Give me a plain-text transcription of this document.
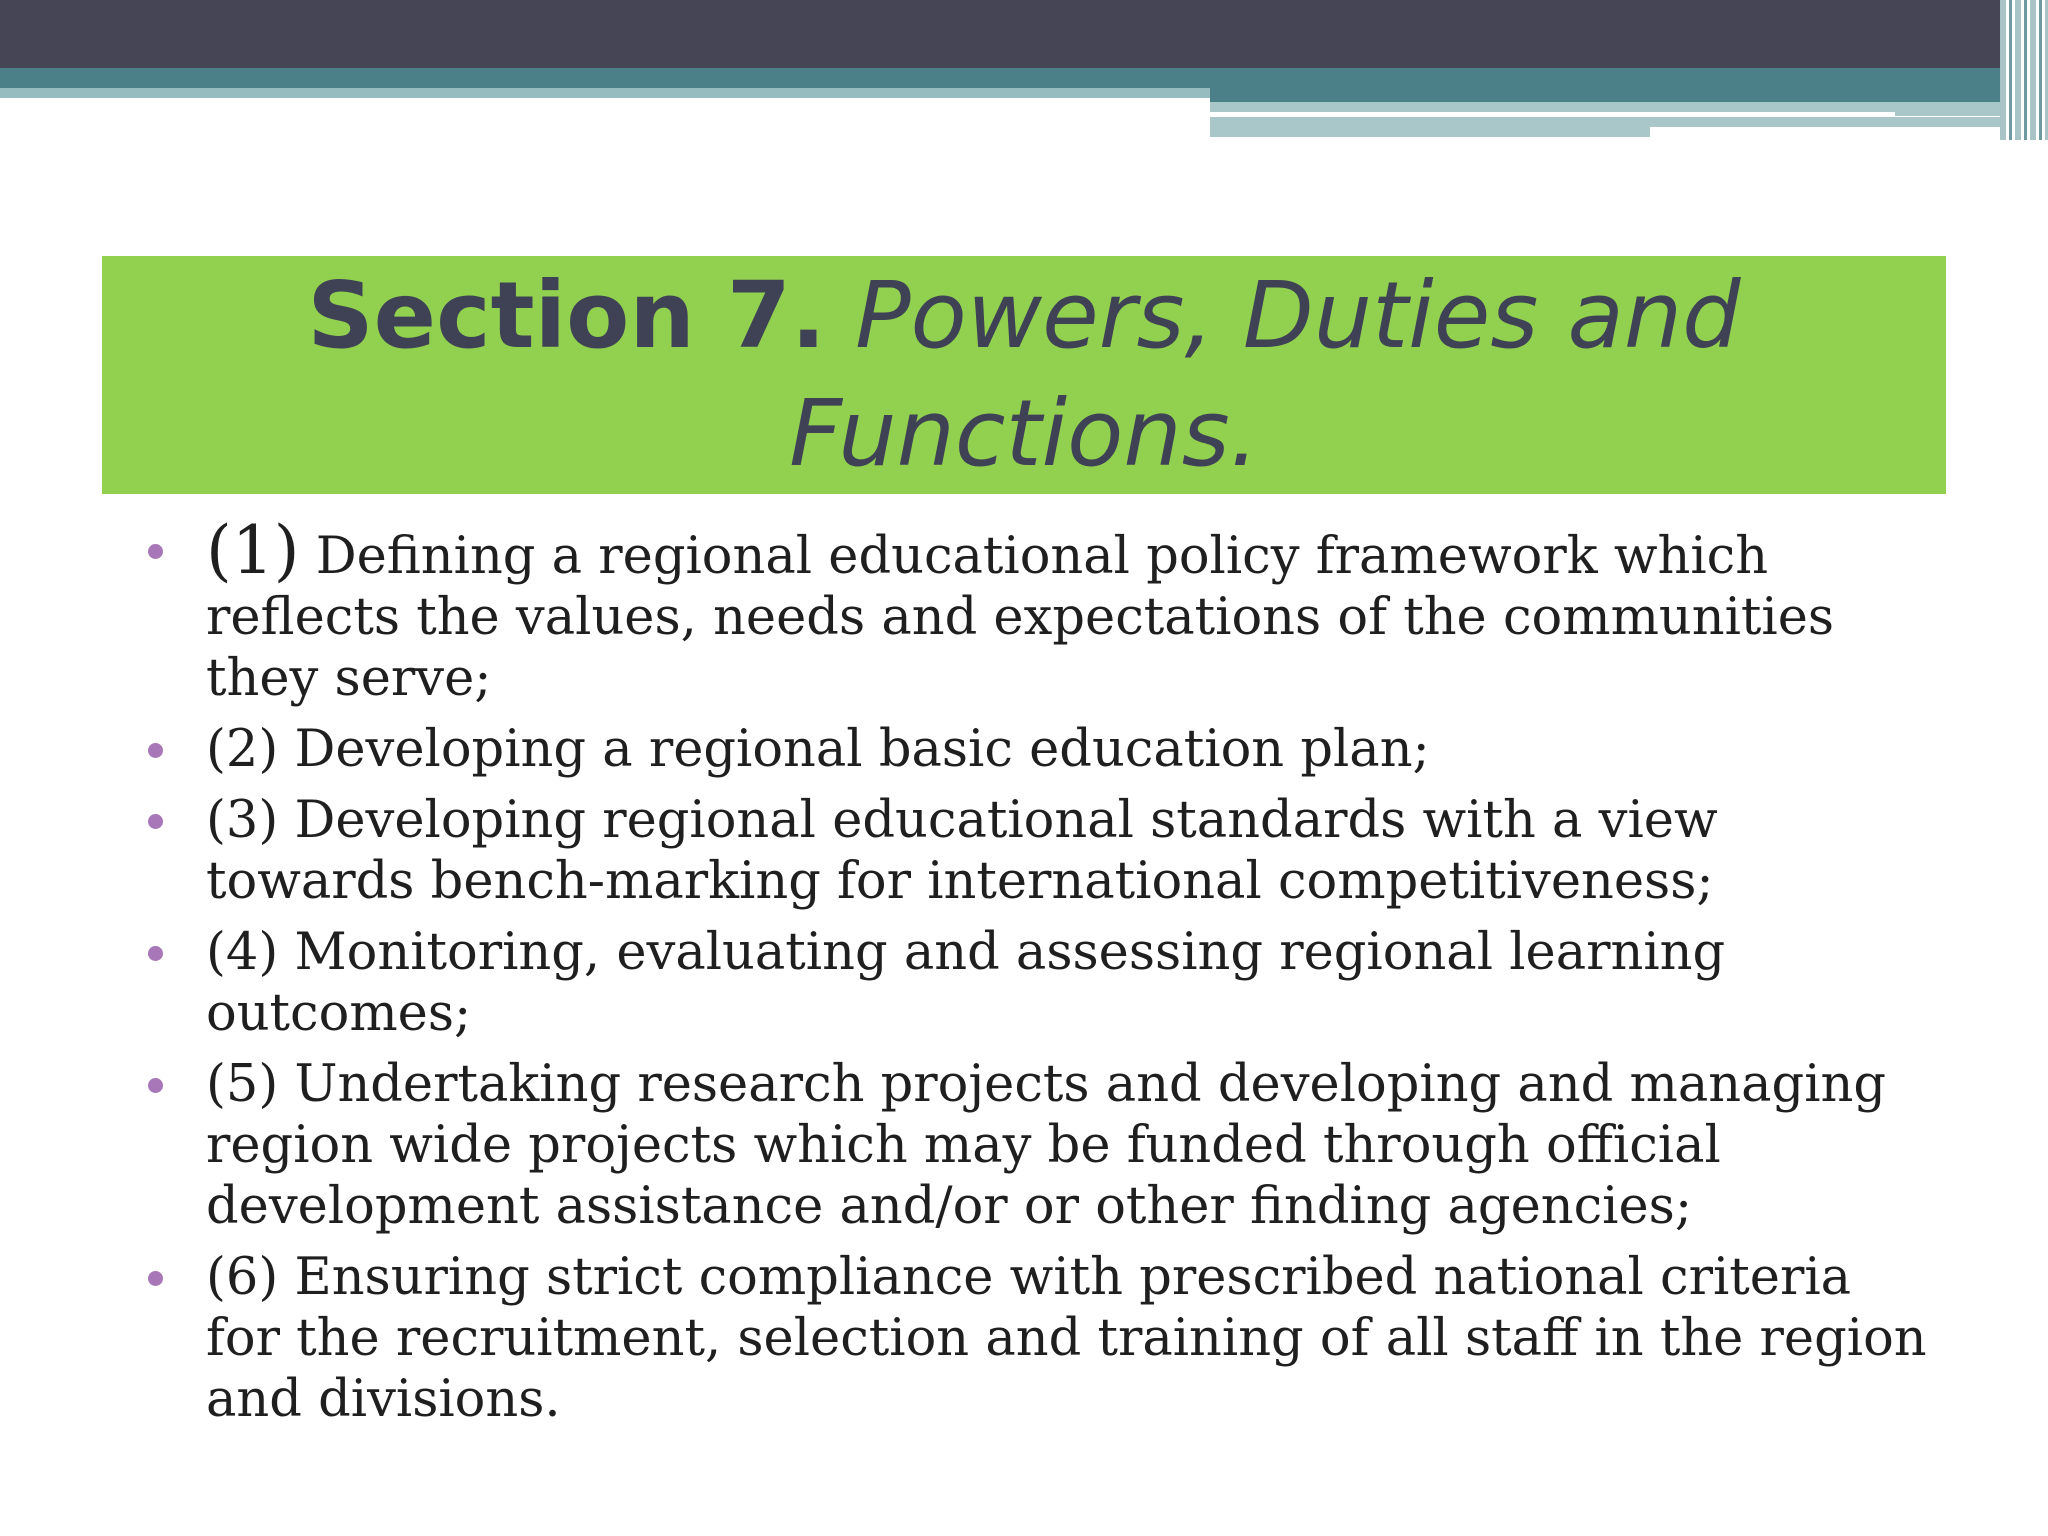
Section 7. Powers, Duties and Functions.
(1) Defining a regional educational policy framework which reflects the values, needs and expectations of the communities they serve;
(2) Developing a regional basic education plan;
(3) Developing regional educational standards with a view towards bench-marking for international competitiveness;
(4) Monitoring, evaluating and assessing regional learning outcomes;
(5) Undertaking research projects and developing and managing region wide projects which may be funded through official development assistance and/or or other finding agencies;
(6) Ensuring strict compliance with prescribed national criteria for the recruitment, selection and training of all staff in the region and divisions.
